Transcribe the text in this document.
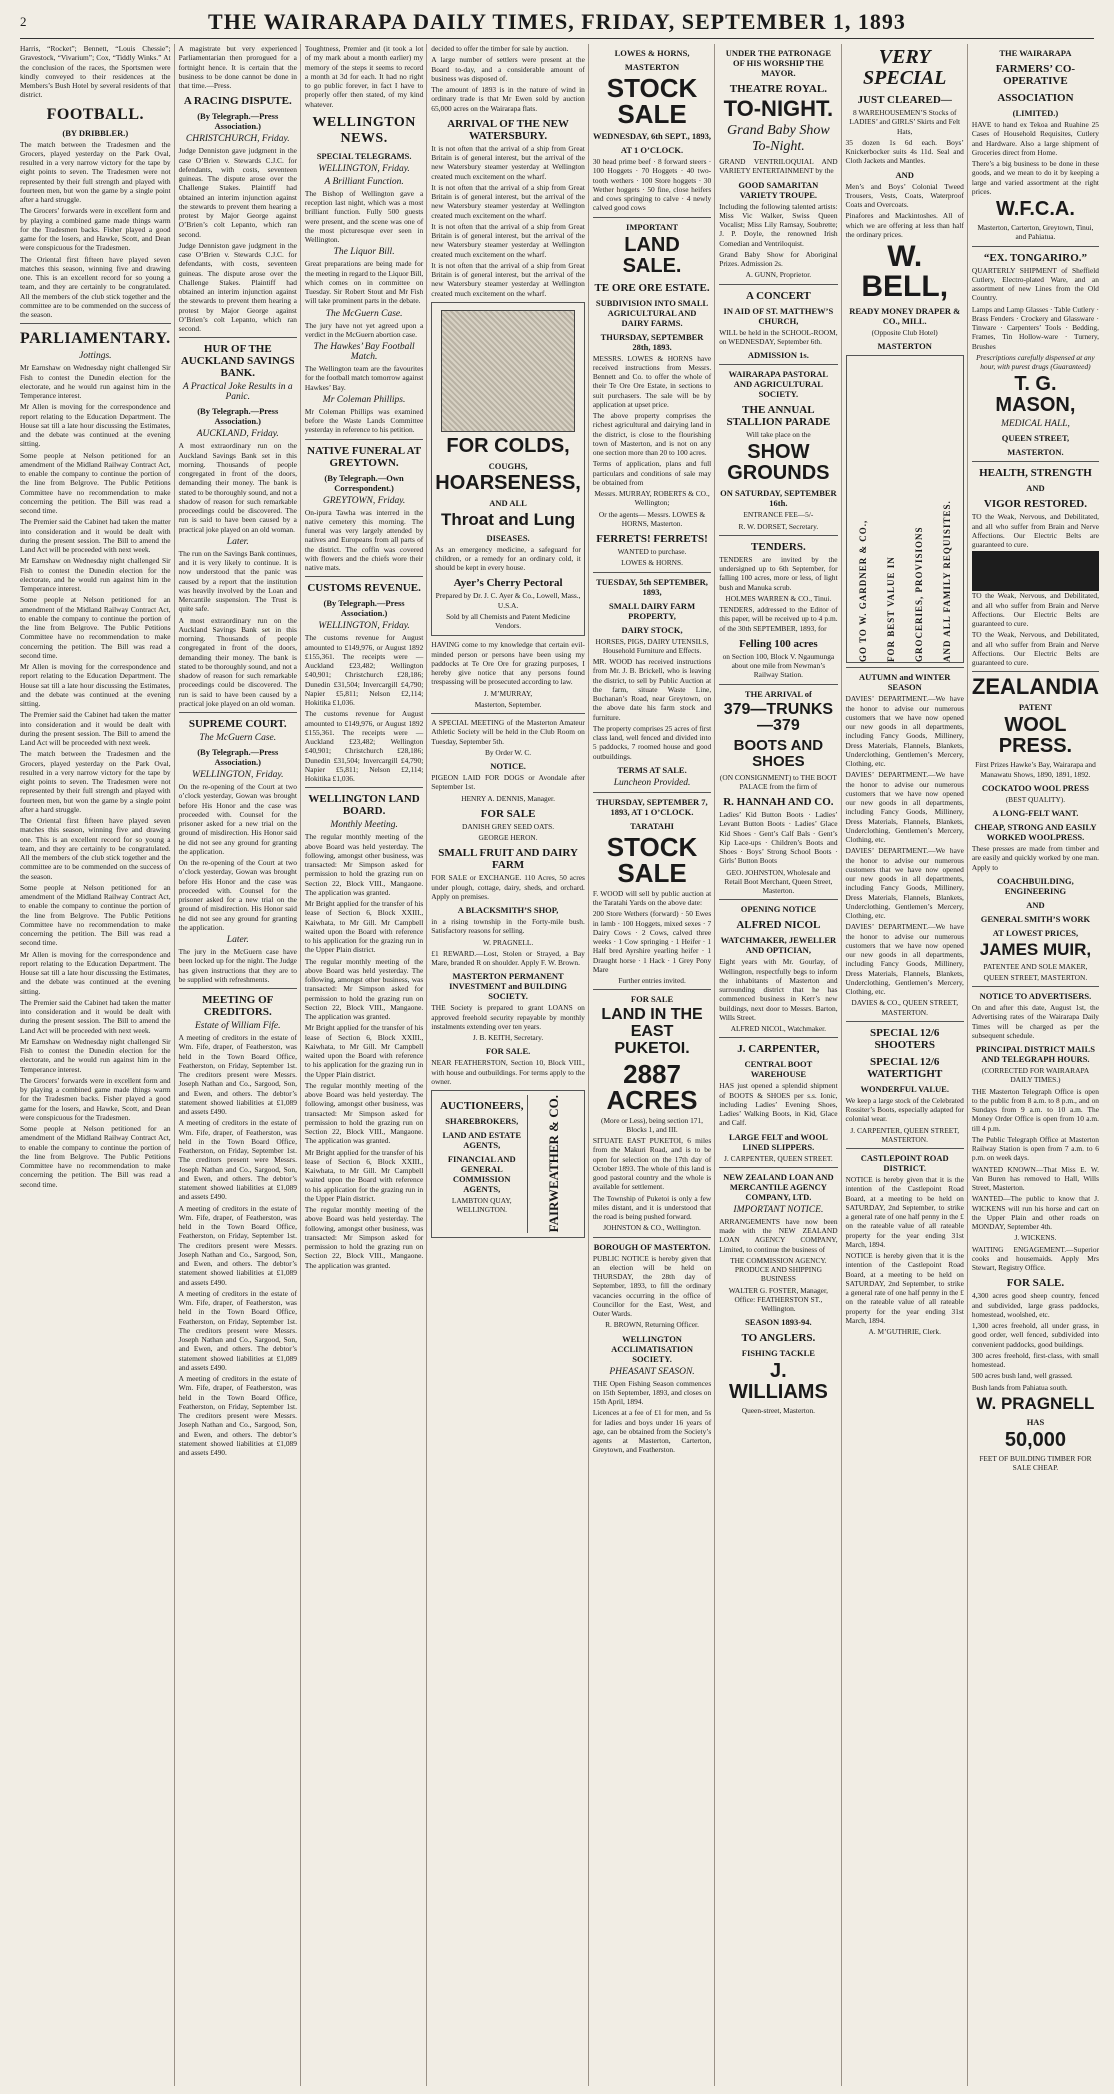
2	THE WAIRARAPA DAILY TIMES, FRIDAY, SEPTEMBER 1, 1893

Harris, “Rocket”; Bennett, “Louis Chessie”; Gravestock, “Vivarium”; Cox, “Tiddly Winks.” At the conclusion of the races, the Sportsmen were kindly conveyed to their residences at the Members’s Bush Hotel by several residents of that district.

FOOTBALL.
(BY DRIBBLER.)

The match between the Tradesmen and the Grocers, played yesterday on the Park Oval, resulted in a very narrow victory for the tape by eight points to seven. The Tradesmen were not represented by their full strength and played with fourteen men, but won the game by a single point after a hard struggle.

The Grocers’ forwards were in excellent form and by playing a combined game made things warm for the Tradesmen backs. Fisher played a good game for the losers, and Hawke, Scott, and Dean were conspicuous for the Tradesmen.

The Oriental first fifteen have played seven matches this season, winning five and drawing one. This is an excellent record for so young a team, and they are certainly to be congratulated. All the members of the club stick together and the committee are to be commended on the success of the season.

PARLIAMENTARY.
Jottings.

Mr Earnshaw on Wednesday night challenged Sir Fish to contest the Dunedin election for the electorate, and he would run against him in the Temperance interest.

Mr Allen is moving for the correspondence and report relating to the Education Department. The House sat till a late hour discussing the Estimates, and the debate was continued at the evening sitting.

Some people at Nelson petitioned for an amendment of the Midland Railway Contract Act, to enable the company to continue the portion of the line from Belgrove. The Public Petitions Committee have no recommendation to make concerning the petition. The Bill was read a second time.

The Premier said the Cabinet had taken the matter into consideration and it would be dealt with during the present session. The Bill to amend the Land Act will be proceeded with next week.

Mr Earnshaw on Wednesday night challenged Sir Fish to contest the Dunedin election for the electorate, and he would run against him in the Temperance interest.

Some people at Nelson petitioned for an amendment of the Midland Railway Contract Act, to enable the company to continue the portion of the line from Belgrove. The Public Petitions Committee have no recommendation to make concerning the petition. The Bill was read a second time.

Mr Allen is moving for the correspondence and report relating to the Education Department. The House sat till a late hour discussing the Estimates, and the debate was continued at the evening sitting.

The Premier said the Cabinet had taken the matter into consideration and it would be dealt with during the present session. The Bill to amend the Land Act will be proceeded with next week.

The match between the Tradesmen and the Grocers, played yesterday on the Park Oval, resulted in a very narrow victory for the tape by eight points to seven. The Tradesmen were not represented by their full strength and played with fourteen men, but won the game by a single point after a hard struggle.

The Oriental first fifteen have played seven matches this season, winning five and drawing one. This is an excellent record for so young a team, and they are certainly to be congratulated. All the members of the club stick together and the committee are to be commended on the success of the season.

Some people at Nelson petitioned for an amendment of the Midland Railway Contract Act, to enable the company to continue the portion of the line from Belgrove. The Public Petitions Committee have no recommendation to make concerning the petition. The Bill was read a second time.

Mr Allen is moving for the correspondence and report relating to the Education Department. The House sat till a late hour discussing the Estimates, and the debate was continued at the evening sitting.

The Premier said the Cabinet had taken the matter into consideration and it would be dealt with during the present session. The Bill to amend the Land Act will be proceeded with next week.

Mr Earnshaw on Wednesday night challenged Sir Fish to contest the Dunedin election for the electorate, and he would run against him in the Temperance interest.

The Grocers’ forwards were in excellent form and by playing a combined game made things warm for the Tradesmen backs. Fisher played a good game for the losers, and Hawke, Scott, and Dean were conspicuous for the Tradesmen.

Some people at Nelson petitioned for an amendment of the Midland Railway Contract Act, to enable the company to continue the portion of the line from Belgrove. The Public Petitions Committee have no recommendation to make concerning the petition. The Bill was read a second time.

A magistrate but very experienced Parliamentarian then prorogued for a fortnight hence. It is certain that the business to be done cannot be done in that time.—Press.

A RACING DISPUTE.
(By Telegraph.—Press Association.)
CHRISTCHURCH, Friday.

Judge Denniston gave judgment in the case O’Brien v. Stewards C.J.C. for defendants, with costs, seventeen guineas. The dispute arose over the Challenge Stakes. Plaintiff had obtained an interim injunction against the stewards to prevent them hearing a protest by Major George against O’Brien’s colt Lepanto, which ran second.

Judge Denniston gave judgment in the case O’Brien v. Stewards C.J.C. for defendants, with costs, seventeen guineas. The dispute arose over the Challenge Stakes. Plaintiff had obtained an interim injunction against the stewards to prevent them hearing a protest by Major George against O’Brien’s colt Lepanto, which ran second.

HUR OF THE AUCKLAND SAVINGS BANK.
A Practical Joke Results in a Panic.
(By Telegraph.—Press Association.)
AUCKLAND, Friday.

A most extraordinary run on the Auckland Savings Bank set in this morning. Thousands of people congregated in front of the doors, demanding their money. The bank is stated to be thoroughly sound, and not a shadow of reason for such remarkable proceedings could be discovered. The run is said to have been caused by a practical joke played on an old woman.

Later.

The run on the Savings Bank continues, and it is very likely to continue. It is now understood that the panic was caused by a report that the institution was heavily involved by the Loan and Mercantile suspension. The Trust is quite safe.

A most extraordinary run on the Auckland Savings Bank set in this morning. Thousands of people congregated in front of the doors, demanding their money. The bank is stated to be thoroughly sound, and not a shadow of reason for such remarkable proceedings could be discovered. The run is said to have been caused by a practical joke played on an old woman.

SUPREME COURT.
The McGuern Case.
(By Telegraph.—Press Association.)
WELLINGTON, Friday.

On the re-opening of the Court at two o’clock yesterday, Gowan was brought before His Honor and the case was proceeded with. Counsel for the prisoner asked for a new trial on the ground of misdirection. His Honor said he did not see any ground for granting the application.

On the re-opening of the Court at two o’clock yesterday, Gowan was brought before His Honor and the case was proceeded with. Counsel for the prisoner asked for a new trial on the ground of misdirection. His Honor said he did not see any ground for granting the application.

Later.

The jury in the McGuern case have been locked up for the night. The Judge has given instructions that they are to be supplied with refreshments.

MEETING OF CREDITORS.
Estate of William Fife.

A meeting of creditors in the estate of Wm. Fife, draper, of Featherston, was held in the Town Board Office, Featherston, on Friday, September 1st. The creditors present were Messrs. Joseph Nathan and Co., Sargood, Son, and Ewen, and others. The debtor’s statement showed liabilities at £1,089 and assets £490.

A meeting of creditors in the estate of Wm. Fife, draper, of Featherston, was held in the Town Board Office, Featherston, on Friday, September 1st. The creditors present were Messrs. Joseph Nathan and Co., Sargood, Son, and Ewen, and others. The debtor’s statement showed liabilities at £1,089 and assets £490.

A meeting of creditors in the estate of Wm. Fife, draper, of Featherston, was held in the Town Board Office, Featherston, on Friday, September 1st. The creditors present were Messrs. Joseph Nathan and Co., Sargood, Son, and Ewen, and others. The debtor’s statement showed liabilities at £1,089 and assets £490.

A meeting of creditors in the estate of Wm. Fife, draper, of Featherston, was held in the Town Board Office, Featherston, on Friday, September 1st. The creditors present were Messrs. Joseph Nathan and Co., Sargood, Son, and Ewen, and others. The debtor’s statement showed liabilities at £1,089 and assets £490.

A meeting of creditors in the estate of Wm. Fife, draper, of Featherston, was held in the Town Board Office, Featherston, on Friday, September 1st. The creditors present were Messrs. Joseph Nathan and Co., Sargood, Son, and Ewen, and others. The debtor’s statement showed liabilities at £1,089 and assets £490.

Toughtness, Premier and (it took a lot of my mark about a month earlier) my memory of the steps it seems to record a month at 3d for each. It had no right to go public forever, in fact I have to properly offer then stated, of my kind whatever.

WELLINGTON NEWS.
SPECIAL TELEGRAMS.
WELLINGTON, Friday.
A Brilliant Function.

The Bishop of Wellington gave a reception last night, which was a most brilliant function. Fully 500 guests were present, and the scene was one of the most picturesque ever seen in Wellington.

The Liquor Bill.

Great preparations are being made for the meeting in regard to the Liquor Bill, which comes on in committee on Tuesday. Sir Robert Stout and Mr Fish will take prominent parts in the debate.

The McGuern Case.

The jury have not yet agreed upon a verdict in the McGuern abortion case.

The Hawkes’ Bay Football Match.

The Wellington team are the favourites for the football match tomorrow against Hawkes’ Bay.

Mr Coleman Phillips.

Mr Coleman Phillips was examined before the Waste Lands Committee yesterday in reference to his petition.

NATIVE FUNERAL AT GREYTOWN.
(By Telegraph.—Own Correspondent.)
GREYTOWN, Friday.

On-ipura Tawha was interred in the native cemetery this morning. The funeral was very largely attended by natives and Europeans from all parts of the district. The coffin was covered with flowers and the chiefs wore their native mats.

CUSTOMS REVENUE.
(By Telegraph.—Press Association.)
WELLINGTON, Friday.

The customs revenue for August amounted to £149,976, or August 1892 £155,361. The receipts were — Auckland £23,482; Wellington £40,901; Christchurch £28,186; Dunedin £31,504; Invercargill £4,790; Napier £5,811; Nelson £2,114; Hokitika £1,036.

The customs revenue for August amounted to £149,976, or August 1892 £155,361. The receipts were — Auckland £23,482; Wellington £40,901; Christchurch £28,186; Dunedin £31,504; Invercargill £4,790; Napier £5,811; Nelson £2,114; Hokitika £1,036.

WELLINGTON LAND BOARD.
Monthly Meeting.

The regular monthly meeting of the above Board was held yesterday. The following, amongst other business, was transacted: Mr Simpson asked for permission to hold the grazing run on Section 22, Block VIII., Mangaone. The application was granted.

Mr Bright applied for the transfer of his lease of Section 6, Block XXIII., Kaiwhata, to Mr Gill. Mr Campbell waited upon the Board with reference to his application for the grazing run in the Upper Plain district.

The regular monthly meeting of the above Board was held yesterday. The following, amongst other business, was transacted: Mr Simpson asked for permission to hold the grazing run on Section 22, Block VIII., Mangaone. The application was granted.

Mr Bright applied for the transfer of his lease of Section 6, Block XXIII., Kaiwhata, to Mr Gill. Mr Campbell waited upon the Board with reference to his application for the grazing run in the Upper Plain district.

The regular monthly meeting of the above Board was held yesterday. The following, amongst other business, was transacted: Mr Simpson asked for permission to hold the grazing run on Section 22, Block VIII., Mangaone. The application was granted.

Mr Bright applied for the transfer of his lease of Section 6, Block XXIII., Kaiwhata, to Mr Gill. Mr Campbell waited upon the Board with reference to his application for the grazing run in the Upper Plain district.

The regular monthly meeting of the above Board was held yesterday. The following, amongst other business, was transacted: Mr Simpson asked for permission to hold the grazing run on Section 22, Block VIII., Mangaone. The application was granted.

decided to offer the timber for sale by auction.

A large number of settlers were present at the Board to-day, and a considerable amount of business was disposed of.

The amount of 1893 is in the nature of wind in ordinary trade is that Mr Ewen sold by auction 65,000 acres on the Wairarapa flats.

ARRIVAL OF THE NEW WATERSBURY.

It is not often that the arrival of a ship from Great Britain is of general interest, but the arrival of the new Watersbury steamer yesterday at Wellington created much excitement on the wharf.

It is not often that the arrival of a ship from Great Britain is of general interest, but the arrival of the new Watersbury steamer yesterday at Wellington created much excitement on the wharf.

It is not often that the arrival of a ship from Great Britain is of general interest, but the arrival of the new Watersbury steamer yesterday at Wellington created much excitement on the wharf.

It is not often that the arrival of a ship from Great Britain is of general interest, but the arrival of the new Watersbury steamer yesterday at Wellington created much excitement on the wharf.

FOR COLDS,
COUGHS,
HOARSENESS,
AND ALL
Throat and Lung
DISEASES.

As an emergency medicine, a safeguard for children, or a remedy for an ordinary cold, it should be kept in every house.

Ayer’s Cherry Pectoral

Prepared by Dr. J. C. Ayer & Co., Lowell, Mass., U.S.A.

Sold by all Chemists and Patent Medicine Vendors.

HAVING come to my knowledge that certain evil-minded person or persons have been using my paddocks at Te Ore Ore for grazing purposes, I hereby give notice that any persons found trespassing will be prosecuted according to law.

J. M’MURRAY,

Masterton, September.

A SPECIAL MEETING of the Masterton Amateur Athletic Society will be held in the Club Room on Tuesday, September 5th.

By Order W. C.

NOTICE.

PIGEON LAID FOR DOGS or Avondale after September 1st.

HENRY A. DENNIS, Manager.

FOR SALE

DANISH GREY SEED OATS.

GEORGE HERON.

SMALL FRUIT AND DAIRY FARM

FOR SALE or EXCHANGE. 110 Acres, 50 acres under plough, cottage, dairy, sheds, and orchard. Apply on premises.

A BLACKSMITH’S SHOP,

in a rising township in the Forty-mile bush. Satisfactory reasons for selling.

W. PRAGNELL.

£1 REWARD.—Lost, Stolen or Strayed, a Bay Mare, branded R on shoulder. Apply F. W. Brown.

MASTERTON PERMANENT INVESTMENT and BUILDING SOCIETY.

THE Society is prepared to grant LOANS on approved freehold security repayable by monthly instalments extending over ten years.

J. B. KEITH, Secretary.

FOR SALE.

NEAR FEATHERSTON, Section 10, Block VIII., with house and outbuildings. For terms apply to the owner.

AUCTIONEERS,
SHAREBROKERS,
LAND AND ESTATE AGENTS,
FINANCIAL AND GENERAL COMMISSION AGENTS,

LAMBTON QUAY, WELLINGTON.	FAIRWEATHER & CO.
LOWES & HORNS,
MASTERTON
STOCK SALE
WEDNESDAY, 6th SEPT., 1893,
AT 1 O’CLOCK.

30 head prime beef · 8 forward steers · 100 Hoggets · 70 Hoggets · 40 two-tooth wethers · 100 Store hoggets · 30 Wether hoggets · 50 fine, close heifers and cows springing to calve · 4 newly calved good cows

IMPORTANT
LAND SALE.
TE ORE ORE ESTATE.
SUBDIVISION INTO SMALL AGRICULTURAL AND DAIRY FARMS.
THURSDAY, SEPTEMBER 28th, 1893.

MESSRS. LOWES & HORNS have received instructions from Messrs. Bennett and Co. to offer the whole of their Te Ore Ore Estate, in sections to suit purchasers. The sale will be by application at upset price.

The above property comprises the richest agricultural and dairying land in the district, is close to the flourishing town of Masterton, and is not on any one section more than 20 to 100 acres.

Terms of application, plans and full particulars and conditions of sale may be obtained from

Messrs. MURRAY, ROBERTS & CO., Wellington;

Or the agents— Messrs. LOWES & HORNS, Masterton.

FERRETS! FERRETS!

WANTED to purchase.

LOWES & HORNS.

TUESDAY, 5th SEPTEMBER, 1893,
SMALL DAIRY FARM PROPERTY,
DAIRY STOCK,

HORSES, PIGS, DAIRY UTENSILS, Household Furniture and Effects.

MR. WOOD has received instructions from Mr. J. B. Brickell, who is leaving the district, to sell by Public Auction at the farm, situate Waste Line, Buchanan’s Road, near Greytown, on the above date his farm stock and furniture.

The property comprises 25 acres of first class land, well fenced and divided into 5 paddocks, 7 roomed house and good outbuildings.

TERMS AT SALE.
Luncheon Provided.
THURSDAY, SEPTEMBER 7, 1893, AT 1 O’CLOCK.
TARATAHI
STOCK SALE

F. WOOD will sell by public auction at the Taratahi Yards on the above date:

200 Store Wethers (forward) · 50 Ewes in lamb · 100 Hoggets, mixed sexes · 7 Dairy Cows · 2 Cows, calved three weeks · 1 Cow springing · 1 Heifer · 1 Half bred Ayrshire yearling heifer · 1 Draught horse · 1 Hack · 1 Grey Pony Mare

Further entries invited.

FOR SALE
LAND IN THE EAST PUKETOI.
2887 ACRES

(More or Less), being section 171, Blocks 1, and III.

SITUATE EAST PUKETOI, 6 miles from the Makuri Road, and is to be open for selection on the 17th day of October 1893. The whole of this land is good pastoral country and the whole is available for settlement.

The Township of Puketoi is only a few miles distant, and it is understood that the road is being pushed forward.

JOHNSTON & CO., Wellington.

BOROUGH OF MASTERTON.

PUBLIC NOTICE is hereby given that an election will be held on THURSDAY, the 28th day of September, 1893, to fill the ordinary vacancies occurring in the office of Councillor for the East, West, and Outer Wards.

R. BROWN, Returning Officer.

WELLINGTON ACCLIMATISATION SOCIETY.
PHEASANT SEASON.

THE Open Fishing Season commences on 15th September, 1893, and closes on 15th April, 1894.

Licences at a fee of £1 for men, and 5s for ladies and boys under 16 years of age, can be obtained from the Society’s agents at Masterton, Carterton, Greytown, and Featherston.

UNDER THE PATRONAGE OF HIS WORSHIP THE MAYOR.
THEATRE ROYAL.
TO-NIGHT.
Grand Baby Show To-Night.

GRAND VENTRILOQUIAL AND VARIETY ENTERTAINMENT by the

GOOD SAMARITAN VARIETY TROUPE.

Including the following talented artists: Miss Vic Walker, Swiss Queen Vocalist; Miss Lily Ramsay, Soubrette; J. P. Doyle, the renowned Irish Comedian and Ventriloquist.

Grand Baby Show for Aboriginal Prizes. Admission 2s.

A. GUNN, Proprietor.

A CONCERT
IN AID OF ST. MATTHEW’S CHURCH,

WILL be held in the SCHOOL-ROOM, on WEDNESDAY, September 6th.

ADMISSION 1s.
WAIRARAPA PASTORAL AND AGRICULTURAL SOCIETY.
THE ANNUAL STALLION PARADE

Will take place on the

SHOW GROUNDS
ON SATURDAY, SEPTEMBER 16th.

ENTRANCE FEE—5/-

R. W. DORSET, Secretary.

TENDERS.

TENDERS are invited by the undersigned up to 6th September, for falling 100 acres, more or less, of light bush and Manuka scrub.

HOLMES WARREN & CO., Tinui.

TENDERS, addressed to the Editor of this paper, will be received up to 4 p.m. of the 30th SEPTEMBER, 1893, for

Felling 100 acres

on Section 100, Block V. Ngaumunga about one mile from Newman’s Railway Station.

THE ARRIVAL of
379—TRUNKS—379
BOOTS AND SHOES

(ON CONSIGNMENT) to THE BOOT PALACE from the firm of

R. HANNAH AND CO.

Ladies’ Kid Button Boots · Ladies’ Levant Button Boots · Ladies’ Glace Kid Shoes · Gent’s Calf Bals · Gent’s Kip Lace-ups · Children’s Boots and Shoes · Boys’ Strong School Boots · Girls’ Button Boots

GEO. JOHNSTON, Wholesale and Retail Boot Merchant, Queen Street, Masterton.

OPENING NOTICE
ALFRED NICOL
WATCHMAKER, JEWELLER AND OPTICIAN,

Eight years with Mr. Gourlay, of Wellington, respectfully begs to inform the inhabitants of Masterton and surrounding district that he has commenced business in Kerr’s new buildings, next door to Messrs. Barton, Wills Street.

ALFRED NICOL, Watchmaker.

J. CARPENTER,
CENTRAL BOOT WAREHOUSE

HAS just opened a splendid shipment of BOOTS & SHOES per s.s. Ionic, including Ladies’ Evening Shoes, Ladies’ Walking Boots, in Kid, Glace and Calf.

LARGE FELT and WOOL LINED SLIPPERS.

J. CARPENTER, QUEEN STREET.

NEW ZEALAND LOAN AND MERCANTILE AGENCY COMPANY, LTD.
IMPORTANT NOTICE.

ARRANGEMENTS have now been made with the NEW ZEALAND LOAN AGENCY COMPANY, Limited, to continue the business of

THE COMMISSION AGENCY. PRODUCE AND SHIPPING BUSINESS

WALTER G. FOSTER, Manager, Office: FEATHERSTON ST., Wellington.

SEASON 1893-94.
TO ANGLERS.
FISHING TACKLE
J. WILLIAMS

Queen-street, Masterton.

VERY SPECIAL
JUST CLEARED—

8 WAREHOUSEMEN’S Stocks of LADIES’ and GIRLS’ Skirts and Felt Hats,

35 dozen 1s 6d each. Boys’ Knickerbocker suits 4s 11d. Seal and Cloth Jackets and Mantles.

AND

Men’s and Boys’ Colonial Tweed Trousers, Vests, Coats, Waterproof Coats and Overcoats.

Pinafores and Mackintoshes. All of which we are offering at less than half the ordinary prices.

W. BELL,
READY MONEY DRAPER & CO., MILL.

(Opposite Club Hotel)

MASTERTON
GO TO W. GARDNER & CO., FOR BEST VALUE IN GROCERIES, PROVISIONS AND ALL FAMILY REQUISITES.
AUTUMN and WINTER SEASON

DAVIES’ DEPARTMENT.—We have the honor to advise our numerous customers that we have now opened our new goods in all departments, including Fancy Goods, Millinery, Dress Materials, Flannels, Blankets, Underclothing, Gentlemen’s Mercery, Clothing, etc.

DAVIES’ DEPARTMENT.—We have the honor to advise our numerous customers that we have now opened our new goods in all departments, including Fancy Goods, Millinery, Dress Materials, Flannels, Blankets, Underclothing, Gentlemen’s Mercery, Clothing, etc.

DAVIES’ DEPARTMENT.—We have the honor to advise our numerous customers that we have now opened our new goods in all departments, including Fancy Goods, Millinery, Dress Materials, Flannels, Blankets, Underclothing, Gentlemen’s Mercery, Clothing, etc.

DAVIES’ DEPARTMENT.—We have the honor to advise our numerous customers that we have now opened our new goods in all departments, including Fancy Goods, Millinery, Dress Materials, Flannels, Blankets, Underclothing, Gentlemen’s Mercery, Clothing, etc.

DAVIES & CO., QUEEN STREET, MASTERTON.

SPECIAL 12/6 SHOOTERS
SPECIAL 12/6 WATERTIGHT
WONDERFUL VALUE.

We keep a large stock of the Celebrated Rossiter’s Boots, especially adapted for colonial wear.

J. CARPENTER, QUEEN STREET, MASTERTON.

CASTLEPOINT ROAD DISTRICT.

NOTICE is hereby given that it is the intention of the Castlepoint Road Board, at a meeting to be held on SATURDAY, 2nd September, to strike a general rate of one half penny in the £ on the rateable value of all rateable property for the year ending 31st March, 1894.

NOTICE is hereby given that it is the intention of the Castlepoint Road Board, at a meeting to be held on SATURDAY, 2nd September, to strike a general rate of one half penny in the £ on the rateable value of all rateable property for the year ending 31st March, 1894.

A. M’GUTHRIE, Clerk.

THE WAIRARAPA
FARMERS’ CO-OPERATIVE
ASSOCIATION
(LIMITED.)

HAVE to hand ex Tekoa and Ruahine 25 Cases of Household Requisites, Cutlery and Hardware. Also a large shipment of Groceries direct from Home.

There’s a big business to be done in these goods, and we mean to do it by keeping a large and varied assortment at the right prices.

W.F.C.A.

Masterton, Carterton, Greytown, Tinui, and Pahiatua.

“EX. TONGARIRO.”

QUARTERLY SHIPMENT of Sheffield Cutlery, Electro-plated Ware, and an assortment of new Lines from the Old Country.

Lamps and Lamp Glasses · Table Cutlery · Brass Fenders · Crockery and Glassware · Tinware · Carpenters’ Tools · Bedding, Frames, Tin Hollow-ware · Turnery, Brushes

Prescriptions carefully dispensed at any hour, with purest drugs (Guaranteed)

T. G. MASON,
MEDICAL HALL,
QUEEN STREET,
MASTERTON.
HEALTH, STRENGTH
AND
VIGOR RESTORED.

TO the Weak, Nervous, and Debilitated, and all who suffer from Brain and Nerve Affections. Our Electric Belts are guaranteed to cure.

TO the Weak, Nervous, and Debilitated, and all who suffer from Brain and Nerve Affections. Our Electric Belts are guaranteed to cure.

TO the Weak, Nervous, and Debilitated, and all who suffer from Brain and Nerve Affections. Our Electric Belts are guaranteed to cure.

ZEALANDIA
PATENT
WOOL PRESS.

First Prizes Hawke’s Bay, Wairarapa and Manawatu Shows, 1890, 1891, 1892.

COCKATOO WOOL PRESS

(BEST QUALITY).

A LONG-FELT WANT.
CHEAP, STRONG AND EASILY WORKED WOOLPRESS.

These presses are made from timber and are easily and quickly worked by one man. Apply to

COACHBUILDING, ENGINEERING
AND
GENERAL SMITH’S WORK
AT LOWEST PRICES,
JAMES MUIR,

PATENTEE AND SOLE MAKER,

QUEEN STREET, MASTERTON.

NOTICE TO ADVERTISERS.

On and after this date, August 1st, the Advertising rates of the Wairarapa Daily Times will be charged as per the subsequent schedule.

PRINCIPAL DISTRICT MAILS AND TELEGRAPH HOURS.

(CORRECTED FOR WAIRARAPA DAILY TIMES.)

THE Masterton Telegraph Office is open to the public from 8 a.m. to 8 p.m., and on Sundays from 9 a.m. to 10 a.m. The Money Order Office is open from 10 a.m. till 4 p.m.

The Public Telegraph Office at Masterton Railway Station is open from 7 a.m. to 6 p.m. on week days.

WANTED KNOWN—That Miss E. W. Van Buren has removed to Hall, Wills Street, Masterton.

WANTED—The public to know that J. WICKENS will run his horse and cart on the Upper Plain and other roads on MONDAY, September 4th.

J. WICKENS.

WAITING ENGAGEMENT.—Superior cooks and housemaids. Apply Mrs Stewart, Registry Office.

FOR SALE.

4,300 acres good sheep country, fenced and subdivided, large grass paddocks, homestead, woolshed, etc.

1,300 acres freehold, all under grass, in good order, well fenced, subdivided into convenient paddocks, good buildings.

300 acres freehold, first-class, with small homestead.

500 acres bush land, well grassed.

Bush lands from Pahiatua south.

W. PRAGNELL
HAS
50,000

FEET OF BUILDING TIMBER FOR SALE CHEAP.
